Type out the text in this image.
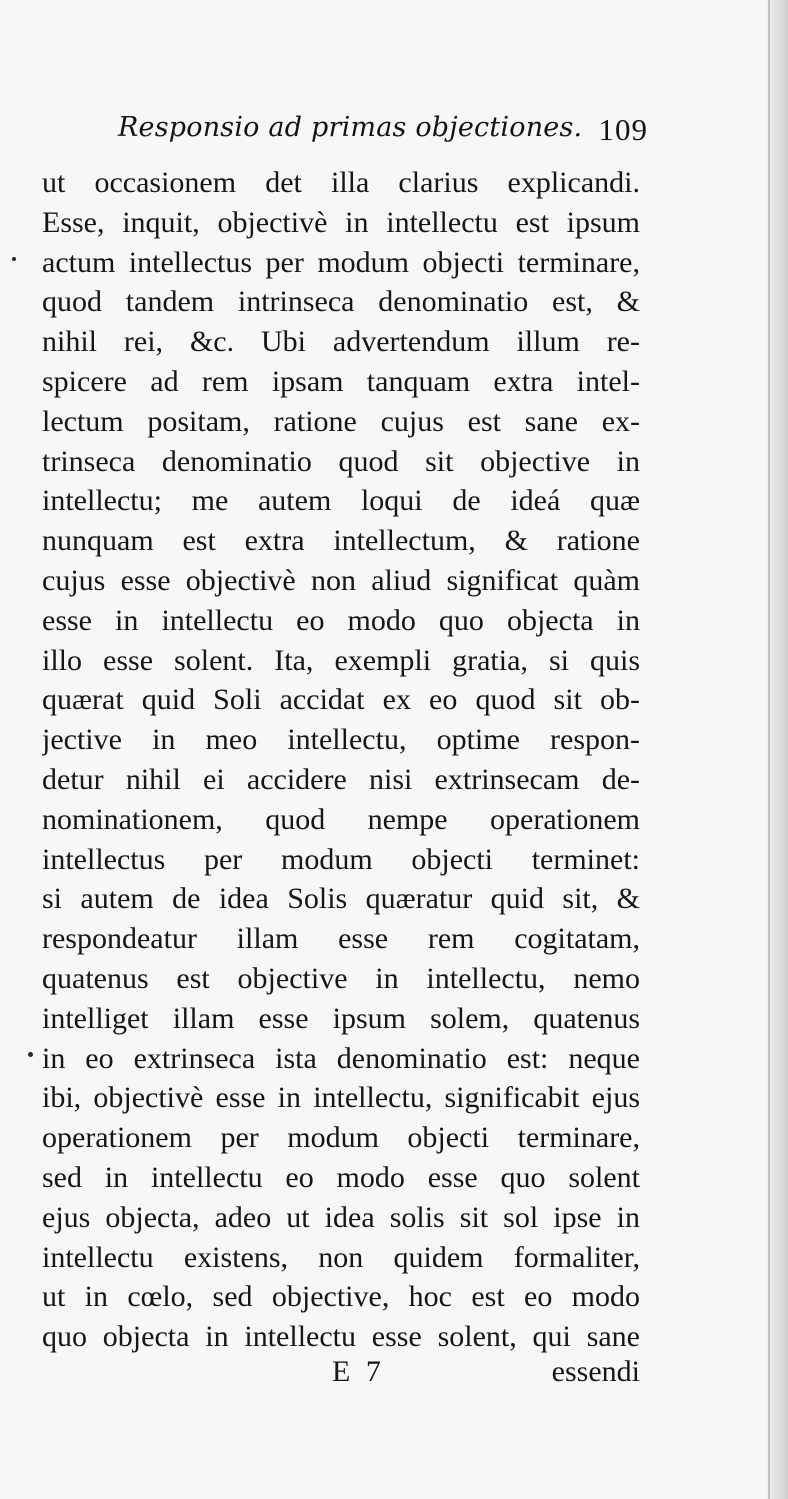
Responsio ad primas objectiones. 109
ut occasionem det illa clarius explicandi.
Esse, inquit, objectivè in intellectu est ipsum
actum intellectus per modum objecti terminare,
quod tandem intrinseca denominatio est, &
nihil rei, &c. Ubi advertendum illum re-
spicere ad rem ipsam tanquam extra intel-
lectum positam, ratione cujus est sane ex-
trinseca denominatio quod sit objective in
intellectu; me autem loqui de ideá quæ
nunquam est extra intellectum, & ratione
cujus esse objectivè non aliud significat quàm
esse in intellectu eo modo quo objecta in
illo esse solent. Ita, exempli gratia, si quis
quærat quid Soli accidat ex eo quod sit ob-
jective in meo intellectu, optime respon-
detur nihil ei accidere nisi extrinsecam de-
nominationem, quod nempe operationem
intellectus per modum objecti terminet:
si autem de idea Solis quæratur quid sit, &
respondeatur illam esse rem cogitatam,
quatenus est objective in intellectu, nemo
intelliget illam esse ipsum solem, quatenus
in eo extrinseca ista denominatio est: neque
ibi, objectivè esse in intellectu, significabit ejus
operationem per modum objecti terminare,
sed in intellectu eo modo esse quo solent
ejus objecta, adeo ut idea solis sit sol ipse in
intellectu existens, non quidem formaliter,
ut in cœlo, sed objective, hoc est eo modo
quo objecta in intellectu esse solent, qui sane
E 7	essendi
